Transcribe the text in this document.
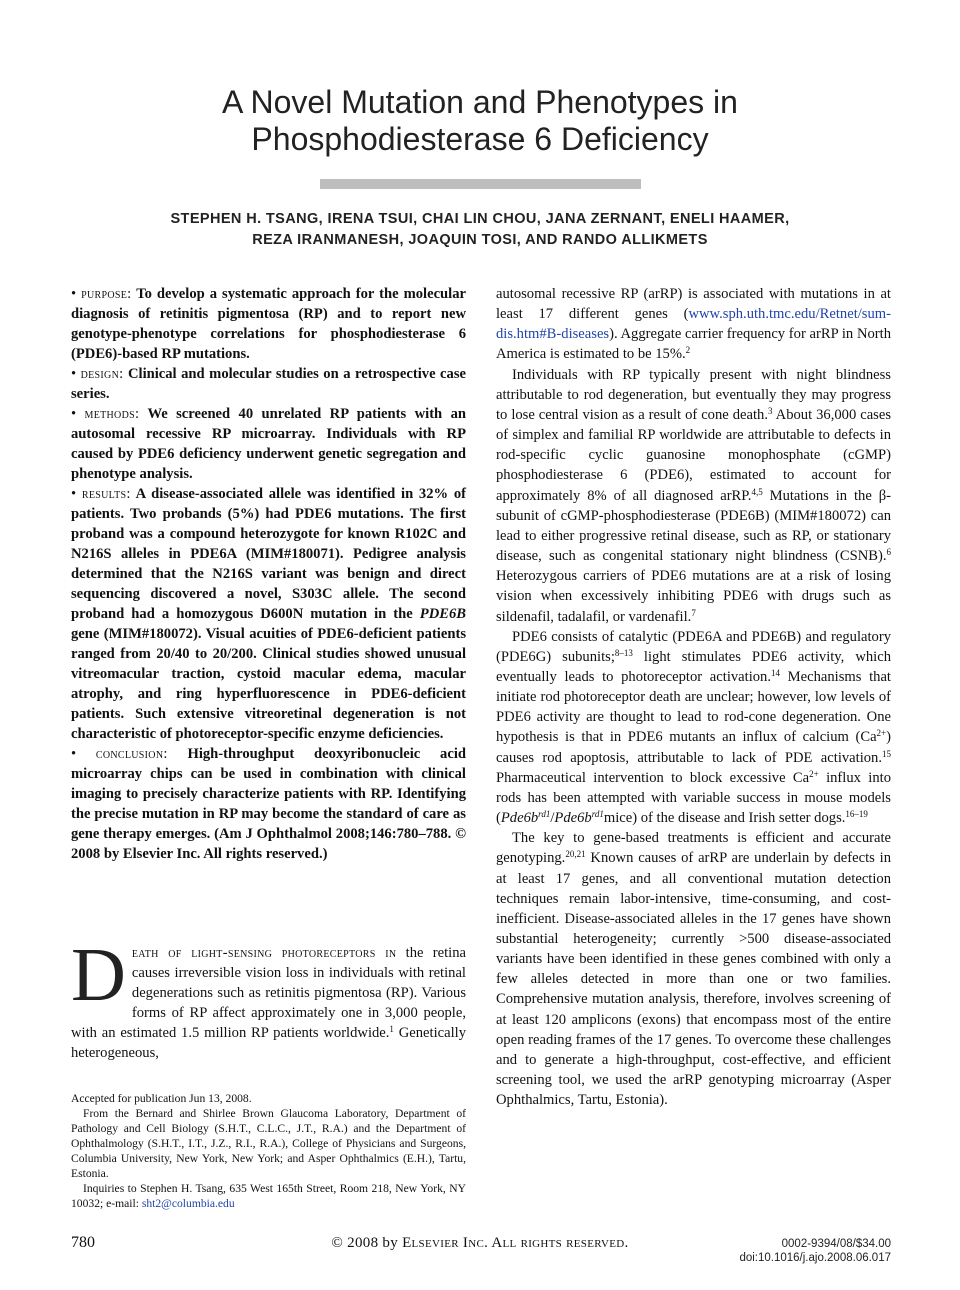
A Novel Mutation and Phenotypes in
Phosphodiesterase 6 Deficiency
STEPHEN H. TSANG, IRENA TSUI, CHAI LIN CHOU, JANA ZERNANT, ENELI HAAMER,
REZA IRANMANESH, JOAQUIN TOSI, AND RANDO ALLIKMETS

• purpose: To develop a systematic approach for the molecular diagnosis of retinitis pigmentosa (RP) and to report new genotype-phenotype correlations for phosphodiesterase 6 (PDE6)-based RP mutations.

• design: Clinical and molecular studies on a retrospective case series.

• methods: We screened 40 unrelated RP patients with an autosomal recessive RP microarray. Individuals with RP caused by PDE6 deficiency underwent genetic segregation and phenotype analysis.

• results: A disease-associated allele was identified in 32% of patients. Two probands (5%) had PDE6 mutations. The first proband was a compound heterozygote for known R102C and N216S alleles in PDE6A (MIM#180071). Pedigree analysis determined that the N216S variant was benign and direct sequencing discovered a novel, S303C allele. The second proband had a homozygous D600N mutation in the PDE6B gene (MIM#180072). Visual acuities of PDE6-deficient patients ranged from 20/40 to 20/200. Clinical studies showed unusual vitreomacular traction, cystoid macular edema, macular atrophy, and ring hyperfluorescence in PDE6-deficient patients. Such extensive vitreoretinal degeneration is not characteristic of photoreceptor-specific enzyme deficiencies.

• conclusion: High-throughput deoxyribonucleic acid microarray chips can be used in combination with clinical imaging to precisely characterize patients with RP. Identifying the precise mutation in RP may become the standard of care as gene therapy emerges. (Am J Ophthalmol 2008;146:780–788. © 2008 by Elsevier Inc. All rights reserved.)

Death of light-sensing photoreceptors in the retina causes irreversible vision loss in individuals with retinal degenerations such as retinitis pigmentosa (RP). Various forms of RP affect approximately one in 3,000 people, with an estimated 1.5 million RP patients worldwide.$^1$ Genetically heterogeneous,

Accepted for publication Jun 13, 2008.

From the Bernard and Shirlee Brown Glaucoma Laboratory, Department of Pathology and Cell Biology (S.H.T., C.L.C., J.T., R.A.) and the Department of Ophthalmology (S.H.T., I.T., J.Z., R.I., R.A.), College of Physicians and Surgeons, Columbia University, New York, New York; and Asper Ophthalmics (E.H.), Tartu, Estonia.

Inquiries to Stephen H. Tsang, 635 West 165th Street, Room 218, New York, NY 10032; e-mail: sht2@columbia.edu

autosomal recessive RP (arRP) is associated with mutations in at least 17 different genes (www.sph.uth.tmc.edu/Retnet/sum-dis.htm#B-diseases). Aggregate carrier frequency for arRP in North America is estimated to be 15%.$^2$

Individuals with RP typically present with night blindness attributable to rod degeneration, but eventually they may progress to lose central vision as a result of cone death.$^3$ About 36,000 cases of simplex and familial RP worldwide are attributable to defects in rod-specific cyclic guanosine monophosphate (cGMP) phosphodiesterase 6 (PDE6), estimated to account for approximately 8% of all diagnosed arRP.$^{4,5}$ Mutations in the β-subunit of cGMP-phosphodiesterase (PDE6B) (MIM#180072) can lead to either progressive retinal disease, such as RP, or stationary disease, such as congenital stationary night blindness (CSNB).$^6$ Heterozygous carriers of PDE6 mutations are at a risk of losing vision when excessively inhibiting PDE6 with drugs such as sildenafil, tadalafil, or vardenafil.$^7$

PDE6 consists of catalytic (PDE6A and PDE6B) and regulatory (PDE6G) subunits;$^{8-13}$ light stimulates PDE6 activity, which eventually leads to photoreceptor activation.$^{14}$ Mechanisms that initiate rod photoreceptor death are unclear; however, low levels of PDE6 activity are thought to lead to rod-cone degeneration. One hypothesis is that in PDE6 mutants an influx of calcium $(Ca^{2+})$ causes rod apoptosis, attributable to lack of PDE activation.$^{15}$ Pharmaceutical intervention to block excessive $Ca^{2+}$ influx into rods has been attempted with variable success in mouse models $(Pde6b^{rd1}/Pde6b^{rd1}mice)$ of the disease and Irish setter dogs.$^{16-19}$

The key to gene-based treatments is efficient and accurate genotyping.$^{20,21}$ Known causes of arRP are underlain by defects in at least 17 genes, and all conventional mutation detection techniques remain labor-intensive, time-consuming, and cost-inefficient. Disease-associated alleles in the 17 genes have shown substantial heterogeneity; currently >500 disease-associated variants have been identified in these genes combined with only a few alleles detected in more than one or two families. Comprehensive mutation analysis, therefore, involves screening of at least 120 amplicons (exons) that encompass most of the entire open reading frames of the 17 genes. To overcome these challenges and to generate a high-throughput, cost-effective, and efficient screening tool, we used the arRP genotyping microarray (Asper Ophthalmics, Tartu, Estonia).

780	© 2008 by Elsevier Inc. All rights reserved.	0002-9394/08/$34.00
doi:10.1016/j.ajo.2008.06.017
